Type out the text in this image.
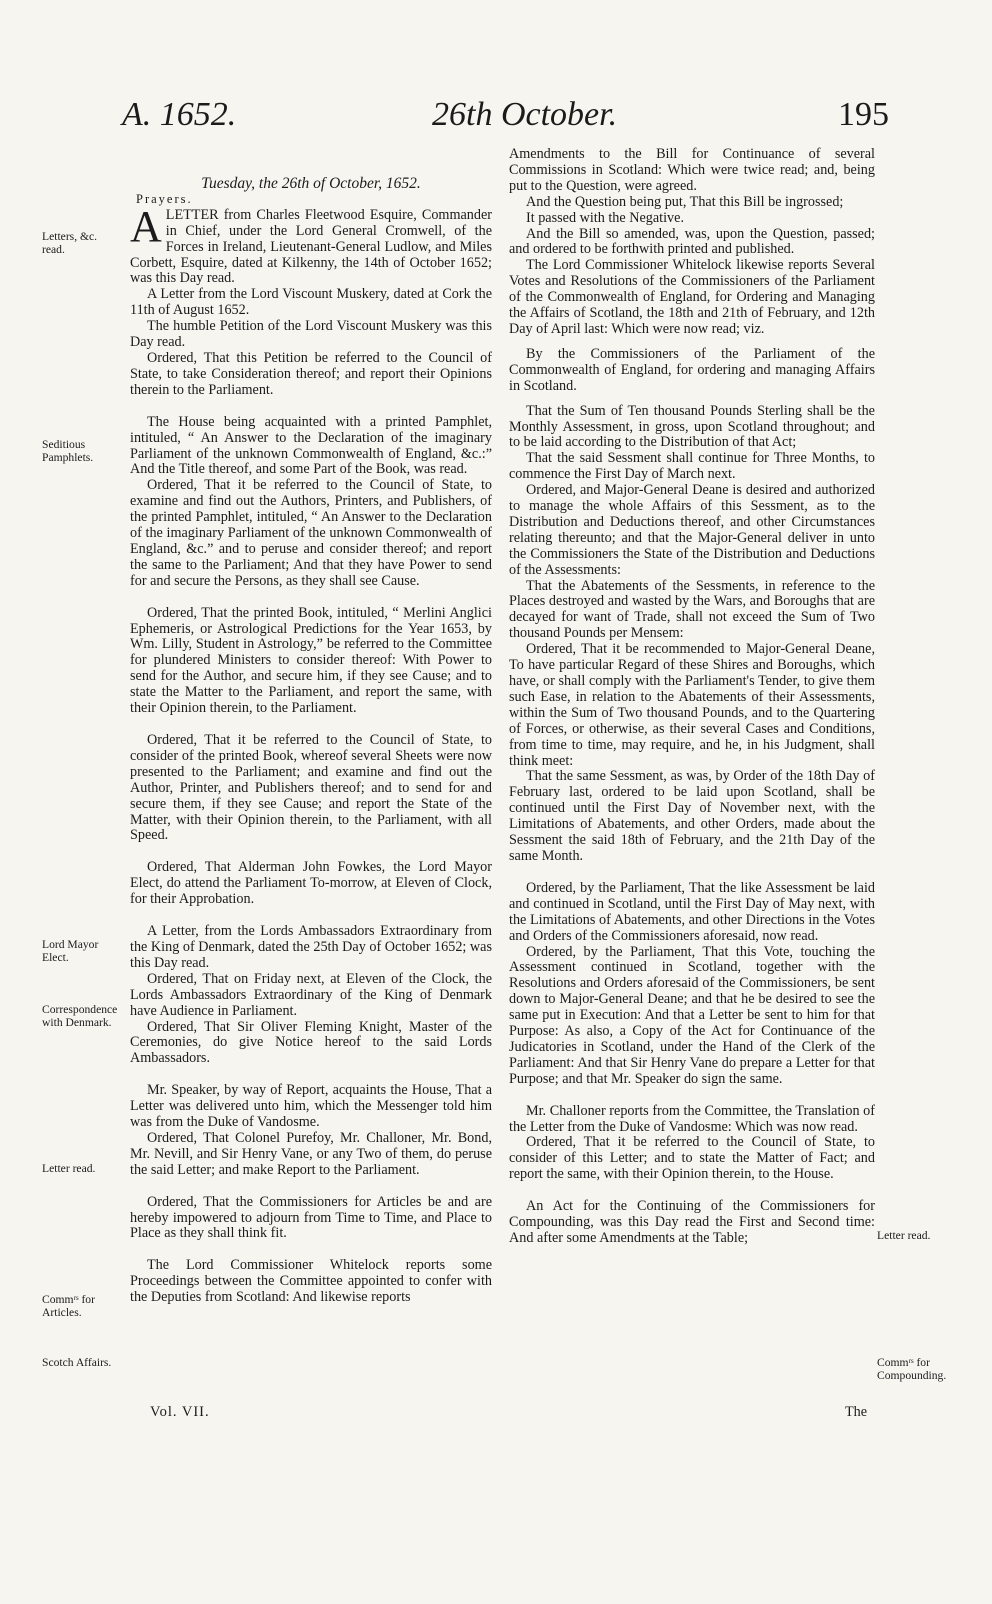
A. 1652.	26th October.	195

Tuesday, the 26th of October, 1652.

Prayers.

ALETTER from Charles Fleetwood Esquire, Commander in Chief, under the Lord General Cromwell, of the Forces in Ireland, Lieutenant-General Ludlow, and Miles Corbett, Esquire, dated at Kilkenny, the 14th of October 1652; was this Day read.

A Letter from the Lord Viscount Muskery, dated at Cork the 11th of August 1652.

The humble Petition of the Lord Viscount Muskery was this Day read.

Ordered, That this Petition be referred to the Council of State, to take Consideration thereof; and report their Opinions therein to the Parliament.

The House being acquainted with a printed Pamphlet, intituled, “ An Answer to the Declaration of the imaginary Parliament of the unknown Commonwealth of England, &c.:” And the Title thereof, and some Part of the Book, was read.

Ordered, That it be referred to the Council of State, to examine and find out the Authors, Printers, and Publishers, of the printed Pamphlet, intituled, “ An Answer to the Declaration of the imaginary Parliament of the unknown Commonwealth of England, &c.” and to peruse and consider thereof; and report the same to the Parliament; And that they have Power to send for and secure the Persons, as they shall see Cause.

Ordered, That the printed Book, intituled, “ Merlini Anglici Ephemeris, or Astrological Predictions for the Year 1653, by Wm. Lilly, Student in Astrology,” be referred to the Committee for plundered Ministers to consider thereof: With Power to send for the Author, and secure him, if they see Cause; and to state the Matter to the Parliament, and report the same, with their Opinion therein, to the Parliament.

Ordered, That it be referred to the Council of State, to consider of the printed Book, whereof several Sheets were now presented to the Parliament; and examine and find out the Author, Printer, and Publishers thereof; and to send for and secure them, if they see Cause; and report the State of the Matter, with their Opinion therein, to the Parliament, with all Speed.

Ordered, That Alderman John Fowkes, the Lord Mayor Elect, do attend the Parliament To-morrow, at Eleven of Clock, for their Approbation.

A Letter, from the Lords Ambassadors Extraordinary from the King of Denmark, dated the 25th Day of October 1652; was this Day read.

Ordered, That on Friday next, at Eleven of the Clock, the Lords Ambassadors Extraordinary of the King of Denmark have Audience in Parliament.

Ordered, That Sir Oliver Fleming Knight, Master of the Ceremonies, do give Notice hereof to the said Lords Ambassadors.

Mr. Speaker, by way of Report, acquaints the House, That a Letter was delivered unto him, which the Messenger told him was from the Duke of Vandosme.

Ordered, That Colonel Purefoy, Mr. Challoner, Mr. Bond, Mr. Nevill, and Sir Henry Vane, or any Two of them, do peruse the said Letter; and make Report to the Parliament.

Ordered, That the Commissioners for Articles be and are hereby impowered to adjourn from Time to Time, and Place to Place as they shall think fit.

The Lord Commissioner Whitelock reports some Proceedings between the Committee appointed to confer with the Deputies from Scotland: And likewise reports

Amendments to the Bill for Continuance of several Commissions in Scotland: Which were twice read; and, being put to the Question, were agreed.

And the Question being put, That this Bill be ingrossed;

It passed with the Negative.

And the Bill so amended, was, upon the Question, passed; and ordered to be forthwith printed and published.

The Lord Commissioner Whitelock likewise reports Several Votes and Resolutions of the Commissioners of the Parliament of the Commonwealth of England, for Ordering and Managing the Affairs of Scotland, the 18th and 21th of February, and 12th Day of April last: Which were now read; viz.

By the Commissioners of the Parliament of the Commonwealth of England, for ordering and managing Affairs in Scotland.

That the Sum of Ten thousand Pounds Sterling shall be the Monthly Assessment, in gross, upon Scotland throughout; and to be laid according to the Distribution of that Act;

That the said Sessment shall continue for Three Months, to commence the First Day of March next.

Ordered, and Major-General Deane is desired and authorized to manage the whole Affairs of this Sessment, as to the Distribution and Deductions thereof, and other Circumstances relating thereunto; and that the Major-General deliver in unto the Commissioners the State of the Distribution and Deductions of the Assessments:

That the Abatements of the Sessments, in reference to the Places destroyed and wasted by the Wars, and Boroughs that are decayed for want of Trade, shall not exceed the Sum of Two thousand Pounds per Mensem:

Ordered, That it be recommended to Major-General Deane, To have particular Regard of these Shires and Boroughs, which have, or shall comply with the Parliament's Tender, to give them such Ease, in relation to the Abatements of their Assessments, within the Sum of Two thousand Pounds, and to the Quartering of Forces, or otherwise, as their several Cases and Conditions, from time to time, may require, and he, in his Judgment, shall think meet:

That the same Sessment, as was, by Order of the 18th Day of February last, ordered to be laid upon Scotland, shall be continued until the First Day of November next, with the Limitations of Abatements, and other Orders, made about the Sessment the said 18th of February, and the 21th Day of the same Month.

Ordered, by the Parliament, That the like Assessment be laid and continued in Scotland, until the First Day of May next, with the Limitations of Abatements, and other Directions in the Votes and Orders of the Commissioners aforesaid, now read.

Ordered, by the Parliament, That this Vote, touching the Assessment continued in Scotland, together with the Resolutions and Orders aforesaid of the Commissioners, be sent down to Major-General Deane; and that he be desired to see the same put in Execution: And that a Letter be sent to him for that Purpose: As also, a Copy of the Act for Continuance of the Judicatories in Scotland, under the Hand of the Clerk of the Parliament: And that Sir Henry Vane do prepare a Letter for that Purpose; and that Mr. Speaker do sign the same.

Mr. Challoner reports from the Committee, the Translation of the Letter from the Duke of Vandosme: Which was now read.

Ordered, That it be referred to the Council of State, to consider of this Letter; and to state the Matter of Fact; and report the same, with their Opinion therein, to the House.

An Act for the Continuing of the Commissioners for Compounding, was this Day read the First and Second time: And after some Amendments at the Table;

Letters, &c. read.
Seditious Pamphlets.
Lord Mayor Elect.
Correspondence with Denmark.
Letter read.
Commʳˢ for Articles.
Scotch Affairs.
Letter read.
Commʳˢ for Compounding.
Vol. VII.	The
